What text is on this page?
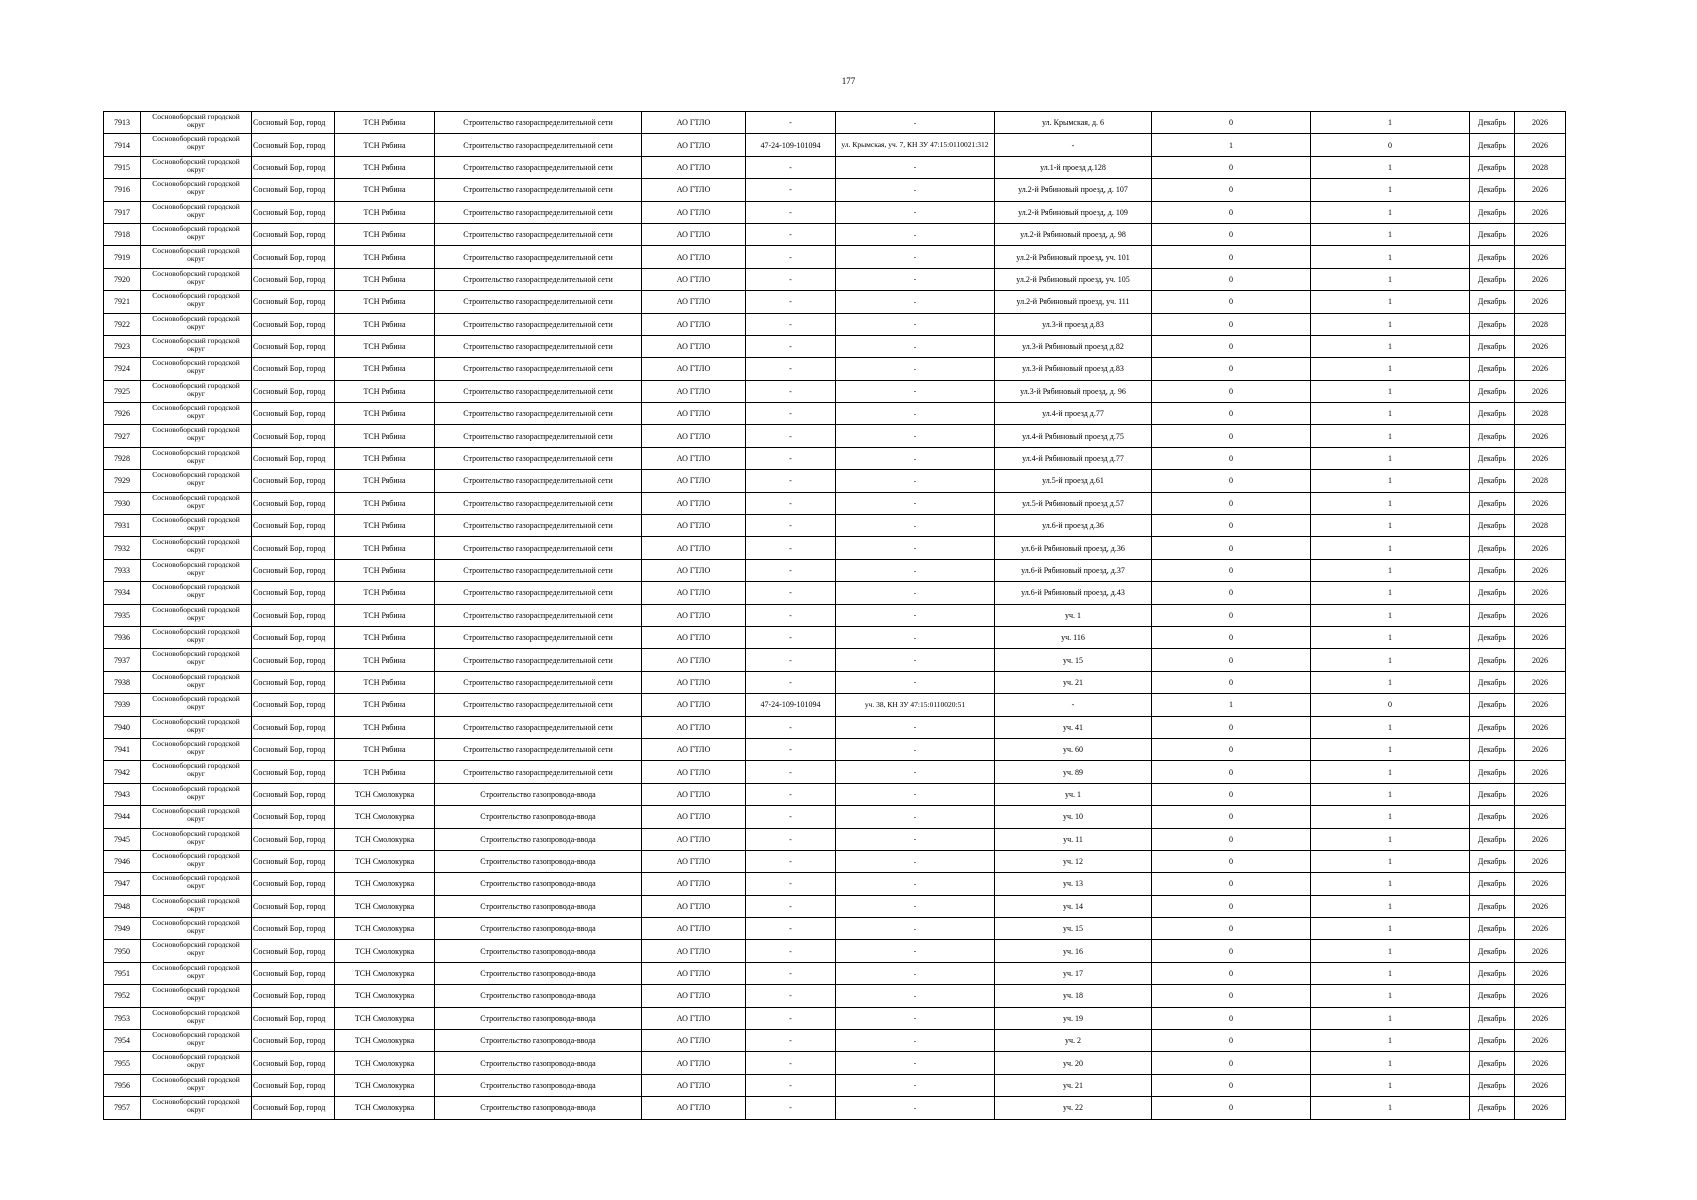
177
7913	Сосновоборский городской округ	Сосновый Бор, город	ТСН Рябина	Строительство газораспределительной сети	АО ГТЛО	-	-	ул. Крымская, д. 6	0	1	Декабрь	2026
7914	Сосновоборский городской округ	Сосновый Бор, город	ТСН Рябина	Строительство газораспределительной сети	АО ГТЛО	47-24-109-101094	ул. Крымская, уч. 7, КН ЗУ 47:15:0110021:312	-	1	0	Декабрь	2026
7915	Сосновоборский городской округ	Сосновый Бор, город	ТСН Рябина	Строительство газораспределительной сети	АО ГТЛО	-	-	ул.1-й проезд д.128	0	1	Декабрь	2028
7916	Сосновоборский городской округ	Сосновый Бор, город	ТСН Рябина	Строительство газораспределительной сети	АО ГТЛО	-	-	ул.2-й Рябиновый проезд, д. 107	0	1	Декабрь	2026
7917	Сосновоборский городской округ	Сосновый Бор, город	ТСН Рябина	Строительство газораспределительной сети	АО ГТЛО	-	-	ул.2-й Рябиновый проезд, д. 109	0	1	Декабрь	2026
7918	Сосновоборский городской округ	Сосновый Бор, город	ТСН Рябина	Строительство газораспределительной сети	АО ГТЛО	-	-	ул.2-й Рябиновый проезд, д. 98	0	1	Декабрь	2026
7919	Сосновоборский городской округ	Сосновый Бор, город	ТСН Рябина	Строительство газораспределительной сети	АО ГТЛО	-	-	ул.2-й Рябиновый проезд, уч. 101	0	1	Декабрь	2026
7920	Сосновоборский городской округ	Сосновый Бор, город	ТСН Рябина	Строительство газораспределительной сети	АО ГТЛО	-	-	ул.2-й Рябиновый проезд, уч. 105	0	1	Декабрь	2026
7921	Сосновоборский городской округ	Сосновый Бор, город	ТСН Рябина	Строительство газораспределительной сети	АО ГТЛО	-	-	ул.2-й Рябиновый проезд, уч. 111	0	1	Декабрь	2026
7922	Сосновоборский городской округ	Сосновый Бор, город	ТСН Рябина	Строительство газораспределительной сети	АО ГТЛО	-	-	ул.3-й проезд д.83	0	1	Декабрь	2028
7923	Сосновоборский городской округ	Сосновый Бор, город	ТСН Рябина	Строительство газораспределительной сети	АО ГТЛО	-	-	ул.3-й Рябиновый проезд д.82	0	1	Декабрь	2026
7924	Сосновоборский городской округ	Сосновый Бор, город	ТСН Рябина	Строительство газораспределительной сети	АО ГТЛО	-	-	ул.3-й Рябиновый проезд д.83	0	1	Декабрь	2026
7925	Сосновоборский городской округ	Сосновый Бор, город	ТСН Рябина	Строительство газораспределительной сети	АО ГТЛО	-	-	ул.3-й Рябиновый проезд, д. 96	0	1	Декабрь	2026
7926	Сосновоборский городской округ	Сосновый Бор, город	ТСН Рябина	Строительство газораспределительной сети	АО ГТЛО	-	-	ул.4-й проезд д.77	0	1	Декабрь	2028
7927	Сосновоборский городской округ	Сосновый Бор, город	ТСН Рябина	Строительство газораспределительной сети	АО ГТЛО	-	-	ул.4-й Рябиновый проезд д.75	0	1	Декабрь	2026
7928	Сосновоборский городской округ	Сосновый Бор, город	ТСН Рябина	Строительство газораспределительной сети	АО ГТЛО	-	-	ул.4-й Рябиновый проезд д.77	0	1	Декабрь	2026
7929	Сосновоборский городской округ	Сосновый Бор, город	ТСН Рябина	Строительство газораспределительной сети	АО ГТЛО	-	-	ул.5-й проезд д.61	0	1	Декабрь	2028
7930	Сосновоборский городской округ	Сосновый Бор, город	ТСН Рябина	Строительство газораспределительной сети	АО ГТЛО	-	-	ул.5-й Рябиновый проезд д.57	0	1	Декабрь	2026
7931	Сосновоборский городской округ	Сосновый Бор, город	ТСН Рябина	Строительство газораспределительной сети	АО ГТЛО	-	-	ул.6-й проезд д.36	0	1	Декабрь	2028
7932	Сосновоборский городской округ	Сосновый Бор, город	ТСН Рябина	Строительство газораспределительной сети	АО ГТЛО	-	-	ул.6-й Рябиновый проезд, д.36	0	1	Декабрь	2026
7933	Сосновоборский городской округ	Сосновый Бор, город	ТСН Рябина	Строительство газораспределительной сети	АО ГТЛО	-	-	ул.6-й Рябиновый проезд, д.37	0	1	Декабрь	2026
7934	Сосновоборский городской округ	Сосновый Бор, город	ТСН Рябина	Строительство газораспределительной сети	АО ГТЛО	-	-	ул.6-й Рябиновый проезд, д.43	0	1	Декабрь	2026
7935	Сосновоборский городской округ	Сосновый Бор, город	ТСН Рябина	Строительство газораспределительной сети	АО ГТЛО	-	-	уч. 1	0	1	Декабрь	2026
7936	Сосновоборский городской округ	Сосновый Бор, город	ТСН Рябина	Строительство газораспределительной сети	АО ГТЛО	-	-	уч. 116	0	1	Декабрь	2026
7937	Сосновоборский городской округ	Сосновый Бор, город	ТСН Рябина	Строительство газораспределительной сети	АО ГТЛО	-	-	уч. 15	0	1	Декабрь	2026
7938	Сосновоборский городской округ	Сосновый Бор, город	ТСН Рябина	Строительство газораспределительной сети	АО ГТЛО	-	-	уч. 21	0	1	Декабрь	2026
7939	Сосновоборский городской округ	Сосновый Бор, город	ТСН Рябина	Строительство газораспределительной сети	АО ГТЛО	47-24-109-101094	уч. 38, КН ЗУ 47:15:0110020:51	-	1	0	Декабрь	2026
7940	Сосновоборский городской округ	Сосновый Бор, город	ТСН Рябина	Строительство газораспределительной сети	АО ГТЛО	-	-	уч. 41	0	1	Декабрь	2026
7941	Сосновоборский городской округ	Сосновый Бор, город	ТСН Рябина	Строительство газораспределительной сети	АО ГТЛО	-	-	уч. 60	0	1	Декабрь	2026
7942	Сосновоборский городской округ	Сосновый Бор, город	ТСН Рябина	Строительство газораспределительной сети	АО ГТЛО	-	-	уч. 89	0	1	Декабрь	2026
7943	Сосновоборский городской округ	Сосновый Бор, город	ТСН Смолокурка	Строительство газопровода-ввода	АО ГТЛО	-	-	уч. 1	0	1	Декабрь	2026
7944	Сосновоборский городской округ	Сосновый Бор, город	ТСН Смолокурка	Строительство газопровода-ввода	АО ГТЛО	-	-	уч. 10	0	1	Декабрь	2026
7945	Сосновоборский городской округ	Сосновый Бор, город	ТСН Смолокурка	Строительство газопровода-ввода	АО ГТЛО	-	-	уч. 11	0	1	Декабрь	2026
7946	Сосновоборский городской округ	Сосновый Бор, город	ТСН Смолокурка	Строительство газопровода-ввода	АО ГТЛО	-	-	уч. 12	0	1	Декабрь	2026
7947	Сосновоборский городской округ	Сосновый Бор, город	ТСН Смолокурка	Строительство газопровода-ввода	АО ГТЛО	-	-	уч. 13	0	1	Декабрь	2026
7948	Сосновоборский городской округ	Сосновый Бор, город	ТСН Смолокурка	Строительство газопровода-ввода	АО ГТЛО	-	-	уч. 14	0	1	Декабрь	2026
7949	Сосновоборский городской округ	Сосновый Бор, город	ТСН Смолокурка	Строительство газопровода-ввода	АО ГТЛО	-	-	уч. 15	0	1	Декабрь	2026
7950	Сосновоборский городской округ	Сосновый Бор, город	ТСН Смолокурка	Строительство газопровода-ввода	АО ГТЛО	-	-	уч. 16	0	1	Декабрь	2026
7951	Сосновоборский городской округ	Сосновый Бор, город	ТСН Смолокурка	Строительство газопровода-ввода	АО ГТЛО	-	-	уч. 17	0	1	Декабрь	2026
7952	Сосновоборский городской округ	Сосновый Бор, город	ТСН Смолокурка	Строительство газопровода-ввода	АО ГТЛО	-	-	уч. 18	0	1	Декабрь	2026
7953	Сосновоборский городской округ	Сосновый Бор, город	ТСН Смолокурка	Строительство газопровода-ввода	АО ГТЛО	-	-	уч. 19	0	1	Декабрь	2026
7954	Сосновоборский городской округ	Сосновый Бор, город	ТСН Смолокурка	Строительство газопровода-ввода	АО ГТЛО	-	-	уч. 2	0	1	Декабрь	2026
7955	Сосновоборский городской округ	Сосновый Бор, город	ТСН Смолокурка	Строительство газопровода-ввода	АО ГТЛО	-	-	уч. 20	0	1	Декабрь	2026
7956	Сосновоборский городской округ	Сосновый Бор, город	ТСН Смолокурка	Строительство газопровода-ввода	АО ГТЛО	-	-	уч. 21	0	1	Декабрь	2026
7957	Сосновоборский городской округ	Сосновый Бор, город	ТСН Смолокурка	Строительство газопровода-ввода	АО ГТЛО	-	-	уч. 22	0	1	Декабрь	2026
